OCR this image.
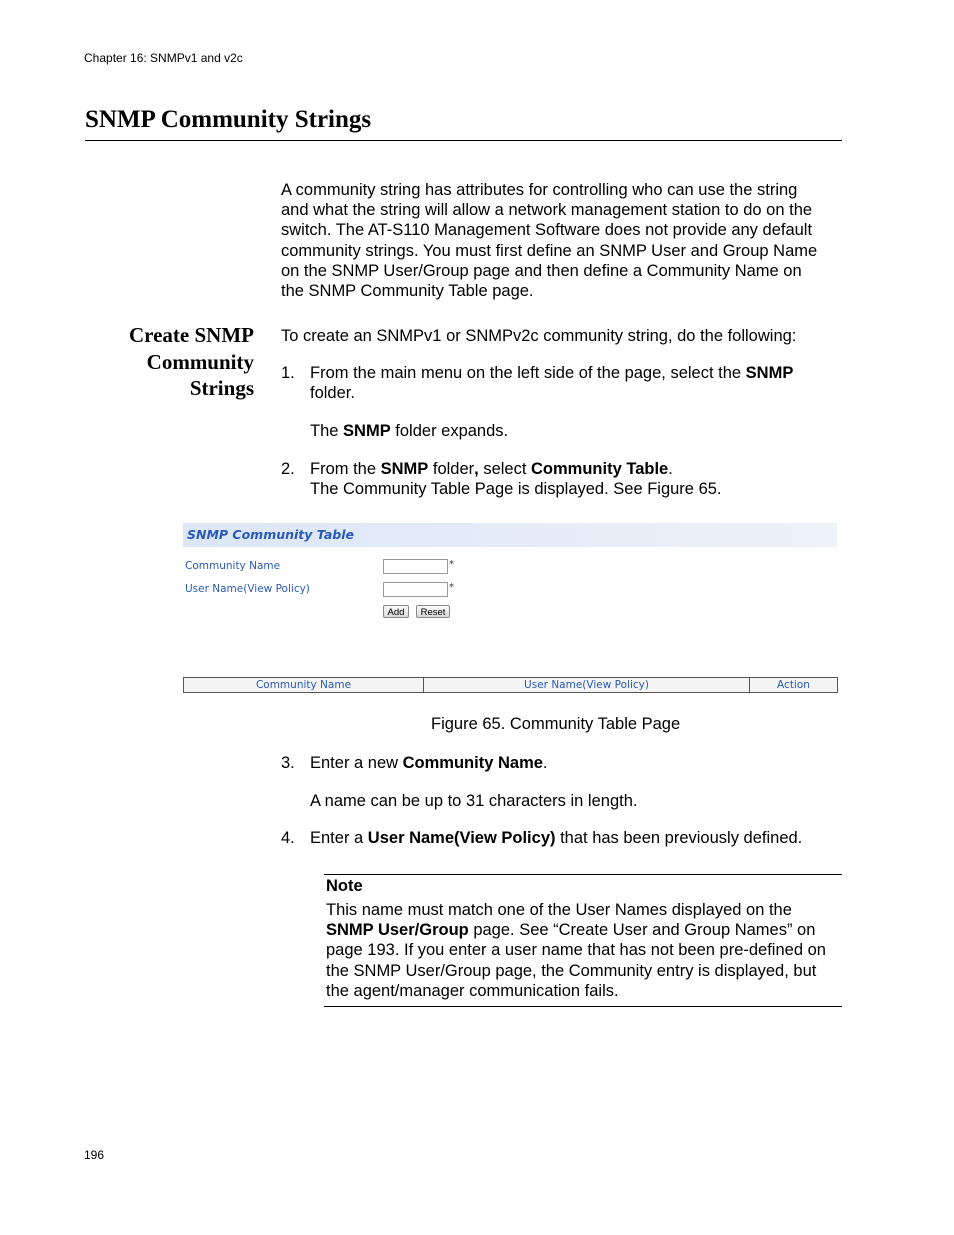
Chapter 16: SNMPv1 and v2c
SNMP Community Strings
A community string has attributes for controlling who can use the string
and what the string will allow a network management station to do on the
switch. The AT-S110 Management Software does not provide any default
community strings. You must first define an SNMP User and Group Name
on the SNMP User/Group page and then define a Community Name on
the SNMP Community Table page.
Create SNMP
Community
Strings
To create an SNMPv1 or SNMPv2c community string, do the following:
1. From the main menu on the left side of the page, select the SNMP
folder.
The SNMP folder expands.
2. From the SNMP folder, select Community Table.
The Community Table Page is displayed. See Figure 65.
SNMP Community Table
Community Name	*
User Name(View Policy)	*
Add	Reset
Community Name	User Name(View Policy)	Action
Figure 65. Community Table Page
3. Enter a new Community Name.
A name can be up to 31 characters in length.
4. Enter a User Name(View Policy) that has been previously defined.
Note
This name must match one of the User Names displayed on the
SNMP User/Group page. See “Create User and Group Names” on
page 193. If you enter a user name that has not been pre-defined on
the SNMP User/Group page, the Community entry is displayed, but
the agent/manager communication fails.
196
